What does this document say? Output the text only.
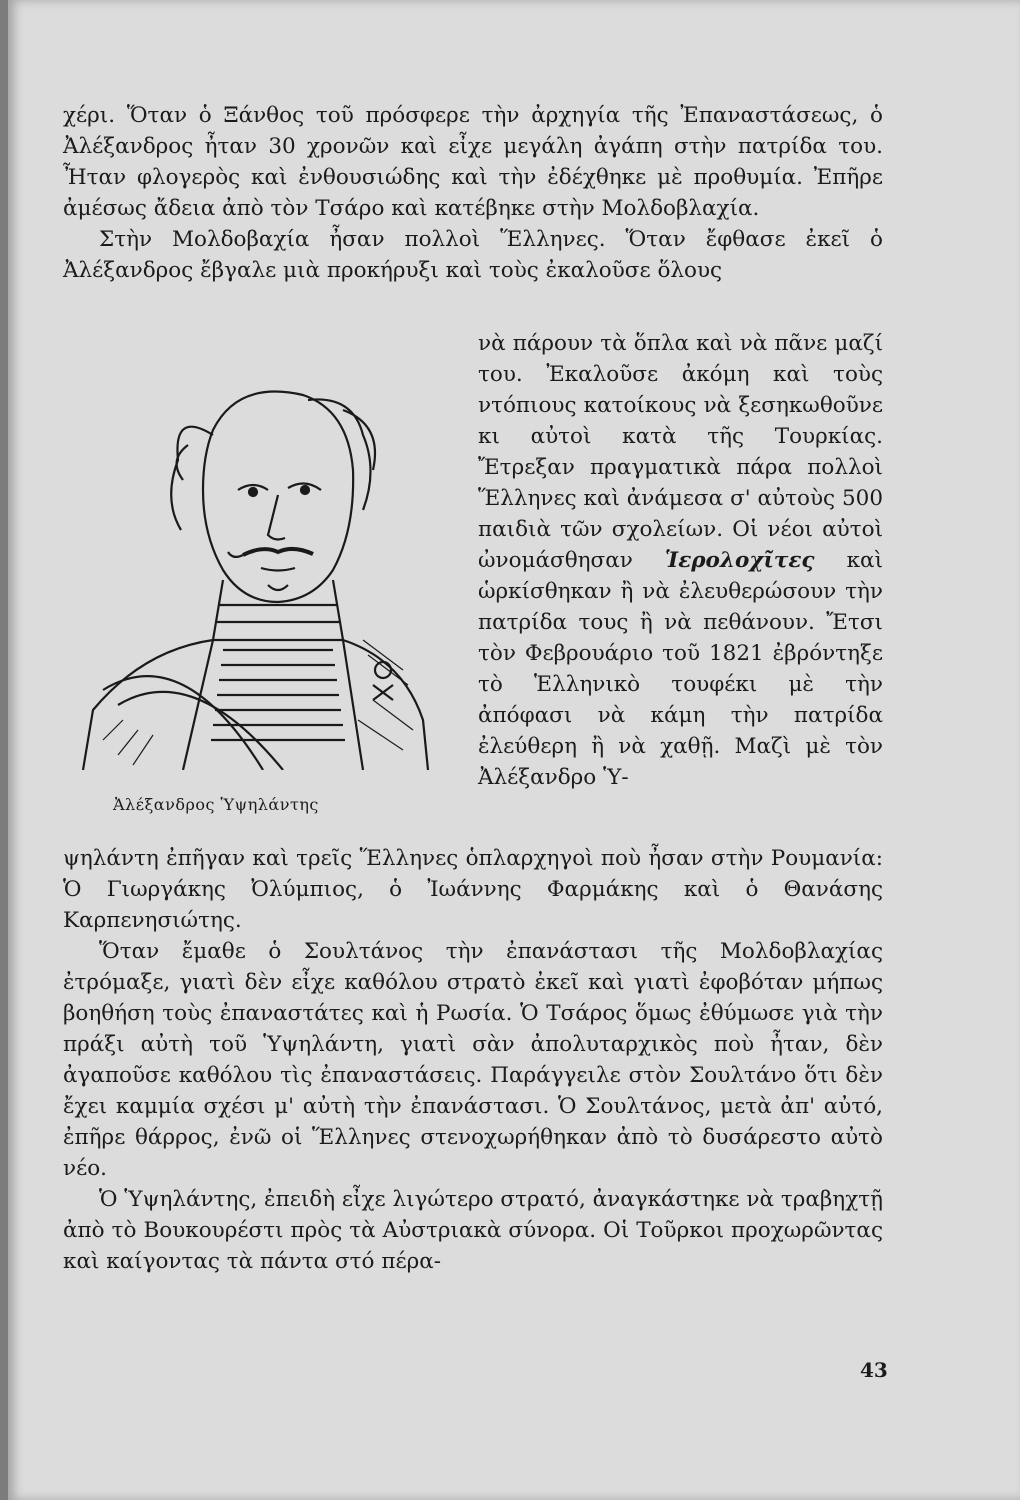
χέρι. Ὅταν ὁ Ξάνθος τοῦ πρόσφερε τὴν ἀρχηγία τῆς Ἐπαναστάσεως, ὁ Ἀλέξανδρος ἦταν 30 χρονῶν καὶ εἶχε μεγάλη ἀγάπη στὴν πατρίδα του. Ἦταν φλογερὸς καὶ ἐνθουσιώδης καὶ τὴν ἐδέχθηκε μὲ προθυμία. Ἐπῆρε ἀμέσως ἄδεια ἀπὸ τὸν Τσάρο καὶ κατέβηκε στὴν Μολδοβλαχία.

Στὴν Μολδοβαχία ἦσαν πολλοὶ Ἕλληνες. Ὅταν ἔφθασε ἐκεῖ ὁ Ἀλέξανδρος ἔβγαλε μιὰ προκήρυξι καὶ τοὺς ἐκαλοῦσε ὅλους

Ἀλέξανδρος Ὑψηλάντης

νὰ πάρουν τὰ ὅπλα καὶ νὰ πᾶνε μαζί του. Ἐκαλοῦσε ἀκόμη καὶ τοὺς ντόπιους κατοίκους νὰ ξεσηκωθοῦνε κι αὐτοὶ κατὰ τῆς Τουρκίας. Ἔτρεξαν πραγματικὰ πάρα πολλοὶ Ἕλληνες καὶ ἀνάμεσα σ' αὐτοὺς 500 παιδιὰ τῶν σχολείων. Οἱ νέοι αὐτοὶ ὠνομάσθησαν Ἱερολοχῖτες καὶ ὡρκίσθηκαν ἢ νὰ ἐλευθερώσουν τὴν πατρίδα τους ἢ νὰ πεθάνουν. Ἔτσι τὸν Φεβρουάριο τοῦ 1821 ἐβρόντηξε τὸ Ἑλληνικὸ τουφέκι μὲ τὴν ἀπόφασι νὰ κάμη τὴν πατρίδα ἐλεύθερη ἢ νὰ χαθῇ. Μαζὶ μὲ τὸν Ἀλέξανδρο Ὑ-

ψηλάντη ἐπῆγαν καὶ τρεῖς Ἕλληνες ὁπλαρχηγοὶ ποὺ ἦσαν στὴν Ρουμανία: Ὁ Γιωργάκης Ὀλύμπιος, ὁ Ἰωάννης Φαρμάκης καὶ ὁ Θανάσης Καρπενησιώτης.

Ὅταν ἔμαθε ὁ Σουλτάνος τὴν ἐπανάστασι τῆς Μολδοβλαχίας ἐτρόμαξε, γιατὶ δὲν εἶχε καθόλου στρατὸ ἐκεῖ καὶ γιατὶ ἐφοβόταν μήπως βοηθήση τοὺς ἐπαναστάτες καὶ ἡ Ρωσία. Ὁ Τσάρος ὅμως ἐθύμωσε γιὰ τὴν πράξι αὐτὴ τοῦ Ὑψηλάντη, γιατὶ σὰν ἀπολυταρχικὸς ποὺ ἦταν, δὲν ἀγαποῦσε καθόλου τὶς ἐπαναστάσεις. Παράγγειλε στὸν Σουλτάνο ὅτι δὲν ἔχει καμμία σχέσι μ' αὐτὴ τὴν ἐπανάστασι. Ὁ Σουλτάνος, μετὰ ἀπ' αὐτό, ἐπῆρε θάρρος, ἐνῶ οἱ Ἕλληνες στενοχωρήθηκαν ἀπὸ τὸ δυσάρεστο αὐτὸ νέο.

Ὁ Ὑψηλάντης, ἐπειδὴ εἶχε λιγώτερο στρατό, ἀναγκάστηκε νὰ τραβηχτῇ ἀπὸ τὸ Βουκουρέστι πρὸς τὰ Αὐστριακὰ σύνορα. Οἱ Τοῦρκοι προχωρῶντας καὶ καίγοντας τὰ πάντα στό πέρα-

43
